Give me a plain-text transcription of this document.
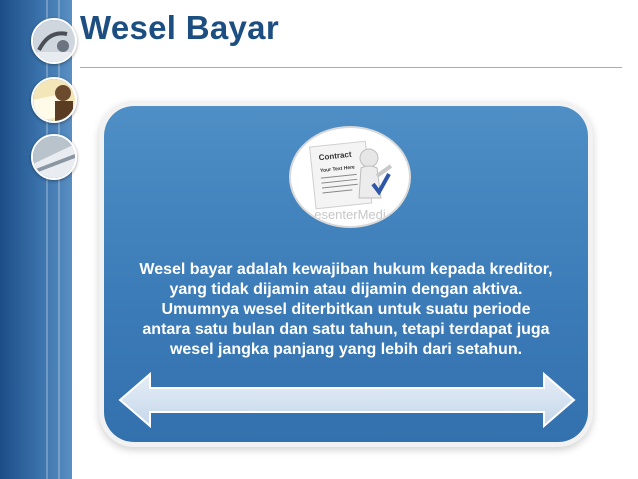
Wesel Bayar
Contract
Your Text Here
esenterMedi
Wesel bayar adalah kewajiban hukum kepada kreditor,
yang tidak dijamin atau dijamin dengan aktiva.
Umumnya wesel diterbitkan untuk suatu periode
antara satu bulan dan satu tahun, tetapi terdapat juga
wesel jangka panjang yang lebih dari setahun.
